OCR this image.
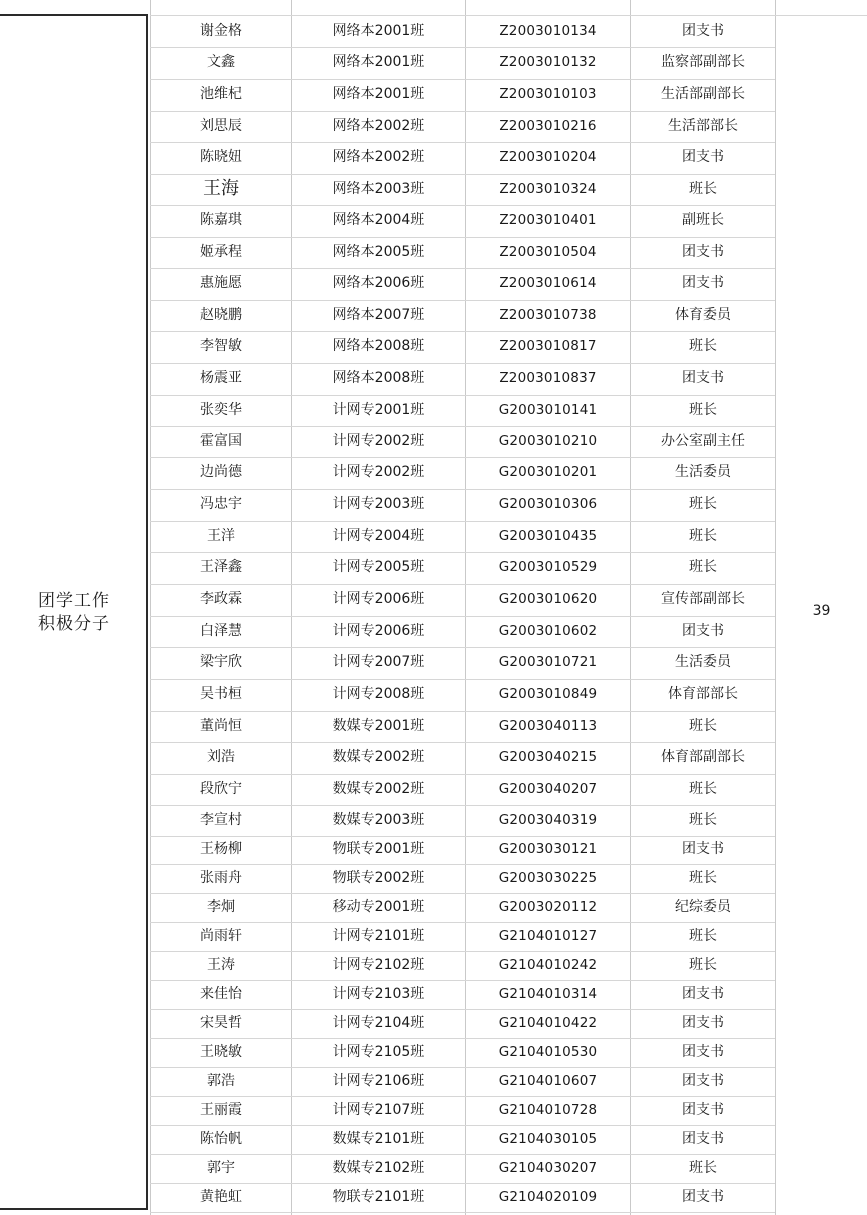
团学工作
积极分子
39
谢金格	网络本2001班	Z2003010134	团支书
文鑫	网络本2001班	Z2003010132	监察部副部长
池维杞	网络本2001班	Z2003010103	生活部副部长
刘思辰	网络本2002班	Z2003010216	生活部部长
陈晓妞	网络本2002班	Z2003010204	团支书
王海	网络本2003班	Z2003010324	班长
陈嘉琪	网络本2004班	Z2003010401	副班长
姬承程	网络本2005班	Z2003010504	团支书
惠施愿	网络本2006班	Z2003010614	团支书
赵晓鹏	网络本2007班	Z2003010738	体育委员
李智敏	网络本2008班	Z2003010817	班长
杨震亚	网络本2008班	Z2003010837	团支书
张奕华	计网专2001班	G2003010141	班长
霍富国	计网专2002班	G2003010210	办公室副主任
边尚德	计网专2002班	G2003010201	生活委员
冯忠宇	计网专2003班	G2003010306	班长
王洋	计网专2004班	G2003010435	班长
王泽鑫	计网专2005班	G2003010529	班长
李政霖	计网专2006班	G2003010620	宣传部副部长
白泽慧	计网专2006班	G2003010602	团支书
梁宇欣	计网专2007班	G2003010721	生活委员
吴书桓	计网专2008班	G2003010849	体育部部长
董尚恒	数媒专2001班	G2003040113	班长
刘浩	数媒专2002班	G2003040215	体育部副部长
段欣宁	数媒专2002班	G2003040207	班长
李宣村	数媒专2003班	G2003040319	班长
王杨柳	物联专2001班	G2003030121	团支书
张雨舟	物联专2002班	G2003030225	班长
李炯	移动专2001班	G2003020112	纪综委员
尚雨轩	计网专2101班	G2104010127	班长
王涛	计网专2102班	G2104010242	班长
来佳怡	计网专2103班	G2104010314	团支书
宋昊哲	计网专2104班	G2104010422	团支书
王晓敏	计网专2105班	G2104010530	团支书
郭浩	计网专2106班	G2104010607	团支书
王丽霞	计网专2107班	G2104010728	团支书
陈怡帆	数媒专2101班	G2104030105	团支书
郭宇	数媒专2102班	G2104030207	班长
黄艳虹	物联专2101班	G2104020109	团支书
